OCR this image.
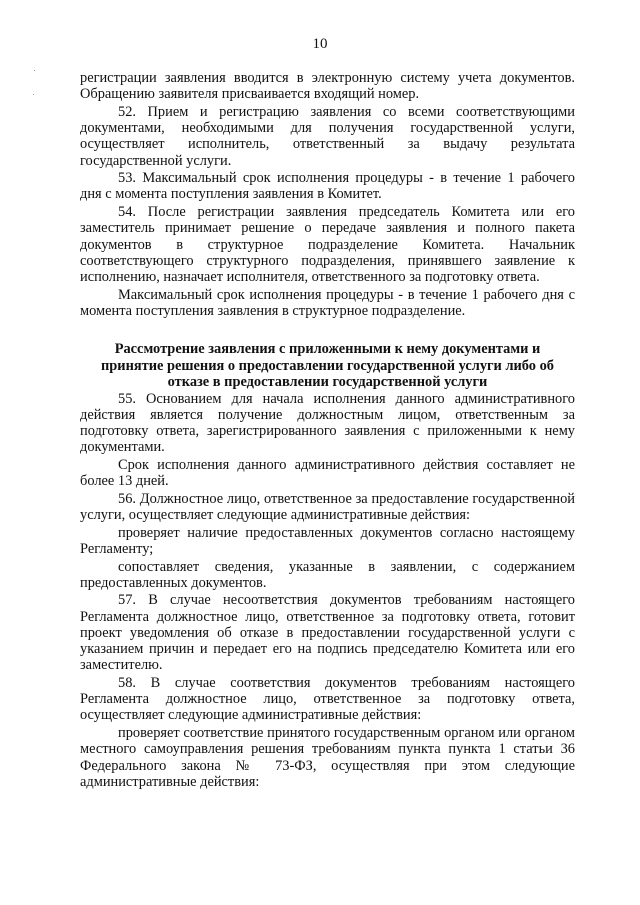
10

регистрации заявления вводится в электронную систему учета документов. Обращению заявителя присваивается входящий номер.

52. Прием и регистрацию заявления со всеми соответствующими документами, необходимыми для получения государственной услуги, осуществляет исполнитель, ответственный за выдачу результата государственной услуги.

53. Максимальный срок исполнения процедуры - в течение 1 рабочего дня с момента поступления заявления в Комитет.

54. После регистрации заявления председатель Комитета или его заместитель принимает решение о передаче заявления и полного пакета документов в структурное подразделение Комитета. Начальник соответствующего структурного подразделения, принявшего заявление к исполнению, назначает исполнителя, ответственного за подготовку ответа.

Максимальный срок исполнения процедуры - в течение 1 рабочего дня с момента поступления заявления в структурное подразделение.

Рассмотрение заявления с приложенными к нему документами и принятие решения о предоставлении государственной услуги либо об отказе в предоставлении государственной услуги

55. Основанием для начала исполнения данного административного действия является получение должностным лицом, ответственным за подготовку ответа, зарегистрированного заявления с приложенными к нему документами.

Срок исполнения данного административного действия составляет не более 13 дней.

56. Должностное лицо, ответственное за предоставление государственной услуги, осуществляет следующие административные действия:

проверяет наличие предоставленных документов согласно настоящему Регламенту;

сопоставляет сведения, указанные в заявлении, с содержанием предоставленных документов.

57. В случае несоответствия документов требованиям настоящего Регламента должностное лицо, ответственное за подготовку ответа, готовит проект уведомления об отказе в предоставлении государственной услуги с указанием причин и передает его на подпись председателю Комитета или его заместителю.

58. В случае соответствия документов требованиям настоящего Регламента должностное лицо, ответственное за подготовку ответа, осуществляет следующие административные действия:

проверяет соответствие принятого государственным органом или органом местного самоуправления решения требованиям пункта пункта 1 статьи 36 Федерального закона № 73-ФЗ, осуществляя при этом следующие административные действия:
